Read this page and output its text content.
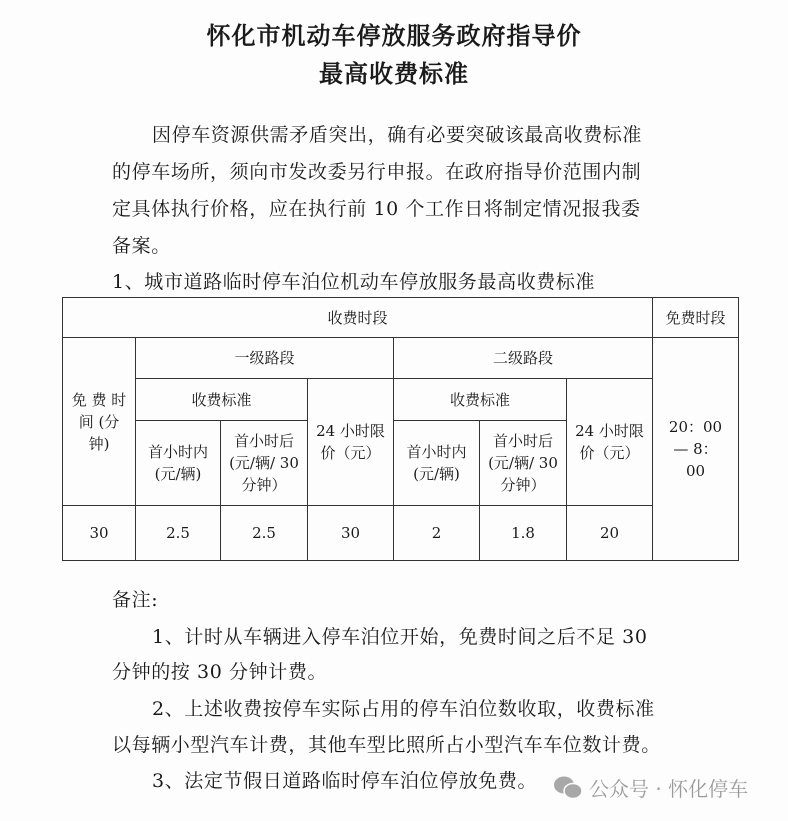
怀化市机动车停放服务政府指导价
最高收费标准
因停车资源供需矛盾突出，确有必要突破该最高收费标准
的停车场所，须向市发改委另行申报。在政府指导价范围内制
定具体执行价格，应在执行前 10 个工作日将制定情况报我委
备案。
1、城市道路临时停车泊位机动车停放服务最高收费标准
收费时段							免费时段
免 费 时 间 (分钟)	一级路段			二级路段			20：00 — 8：00
	收费标准		24 小时限 价（元）	收费标准		24 小时限 价（元）	
	首小时内 (元/辆)	首小时后 (元/辆/ 30 分钟）		首小时内 (元/辆)	首小时后 (元/辆/ 30 分钟）		
30	2.5	2.5	30	2	1.8	20	
备注:
1、计时从车辆进入停车泊位开始，免费时间之后不足 30
分钟的按 30 分钟计费。
2、上述收费按停车实际占用的停车泊位数收取，收费标准
以每辆小型汽车计费，其他车型比照所占小型汽车车位数计费。
3、法定节假日道路临时停车泊位停放免费。	公众号 · 怀化停车
